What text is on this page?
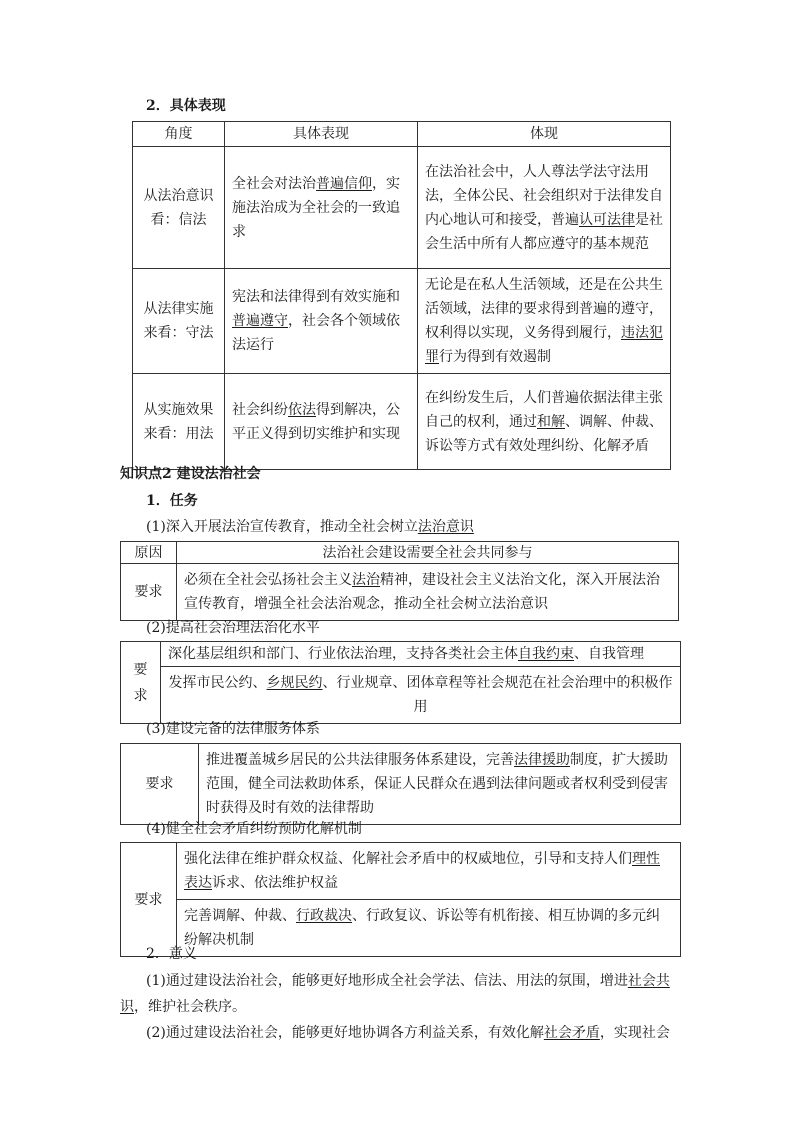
2．具体表现
角度	具体表现	体现
从法治意识看：信法	全社会对法治普遍信仰，实施法治成为全社会的一致追求	在法治社会中，人人尊法学法守法用法，全体公民、社会组织对于法律发自内心地认可和接受，普遍认可法律是社会生活中所有人都应遵守的基本规范
从法律实施来看：守法	宪法和法律得到有效实施和普遍遵守，社会各个领域依法运行	无论是在私人生活领域，还是在公共生活领域，法律的要求得到普遍的遵守，权利得以实现，义务得到履行，违法犯罪行为得到有效遏制
从实施效果来看：用法	社会纠纷依法得到解决，公平正义得到切实维护和实现	在纠纷发生后，人们普遍依据法律主张自己的权利，通过和解、调解、仲裁、诉讼等方式有效处理纠纷、化解矛盾
知识点2 建设法治社会
1．任务
(1)深入开展法治宣传教育，推动全社会树立法治意识
原因	法治社会建设需要全社会共同参与
要求	必须在全社会弘扬社会主义法治精神，建设社会主义法治文化，深入开展法治宣传教育，增强全社会法治观念，推动全社会树立法治意识
(2)提高社会治理法治化水平
要求	深化基层组织和部门、行业依法治理，支持各类社会主体自我约束、自我管理
发挥市民公约、乡规民约、行业规章、团体章程等社会规范在社会治理中的积极作用
(3)建设完备的法律服务体系
要求	推进覆盖城乡居民的公共法律服务体系建设，完善法律援助制度，扩大援助范围，健全司法救助体系，保证人民群众在遇到法律问题或者权利受到侵害时获得及时有效的法律帮助
(4)健全社会矛盾纠纷预防化解机制
要求	强化法律在维护群众权益、化解社会矛盾中的权威地位，引导和支持人们理性表达诉求、依法维护权益
完善调解、仲裁、行政裁决、行政复议、诉讼等有机衔接、相互协调的多元纠纷解决机制
2．意义
(1)通过建设法治社会，能够更好地形成全社会学法、信法、用法的氛围，增进社会共识，维护社会秩序。
(2)通过建设法治社会，能够更好地协调各方利益关系，有效化解社会矛盾，实现社会
